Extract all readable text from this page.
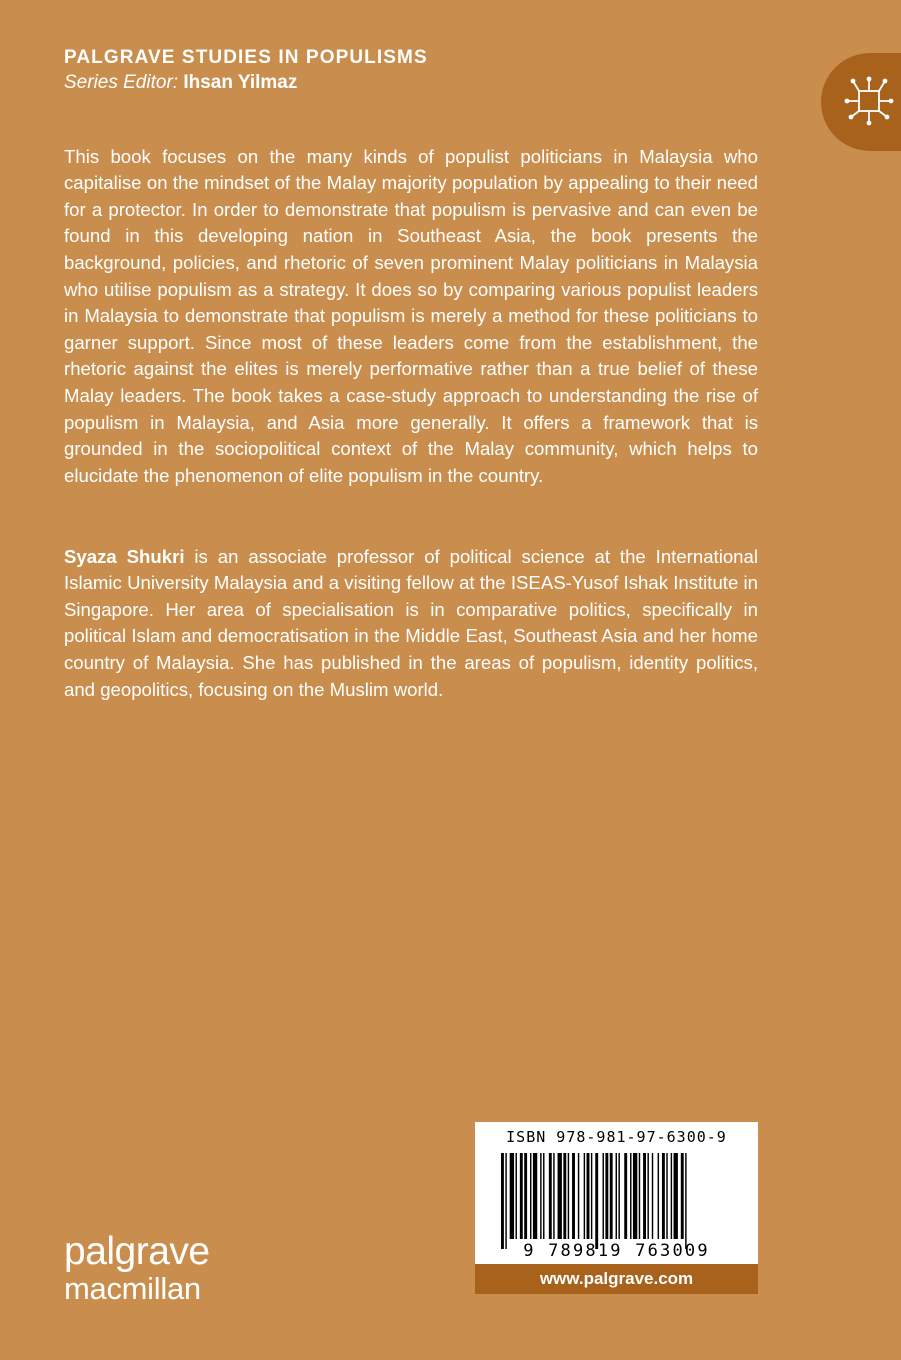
PALGRAVE STUDIES IN POPULISMS
Series Editor: Ihsan Yilmaz

This book focuses on the many kinds of populist politicians in Malaysia who capitalise on the mindset of the Malay majority population by appealing to their need for a protector. In order to demonstrate that populism is pervasive and can even be found in this developing nation in Southeast Asia, the book presents the background, policies, and rhetoric of seven prominent Malay politicians in Malaysia who utilise populism as a strategy. It does so by comparing various populist leaders in Malaysia to demonstrate that populism is merely a method for these politicians to garner support. Since most of these leaders come from the establishment, the rhetoric against the elites is merely performative rather than a true belief of these Malay leaders. The book takes a case-study approach to understanding the rise of populism in Malaysia, and Asia more generally. It offers a framework that is grounded in the sociopolitical context of the Malay community, which helps to elucidate the phenomenon of elite populism in the country.

Syaza Shukri is an associate professor of political science at the International Islamic University Malaysia and a visiting fellow at the ISEAS-Yusof Ishak Institute in Singapore. Her area of specialisation is in comparative politics, specifically in political Islam and democratisation in the Middle East, Southeast Asia and her home country of Malaysia. She has published in the areas of populism, identity politics, and geopolitics, focusing on the Muslim world.

palgrave
macmillan
ISBN 978-981-97-6300-9
9 789819 763009
www.palgrave.com
